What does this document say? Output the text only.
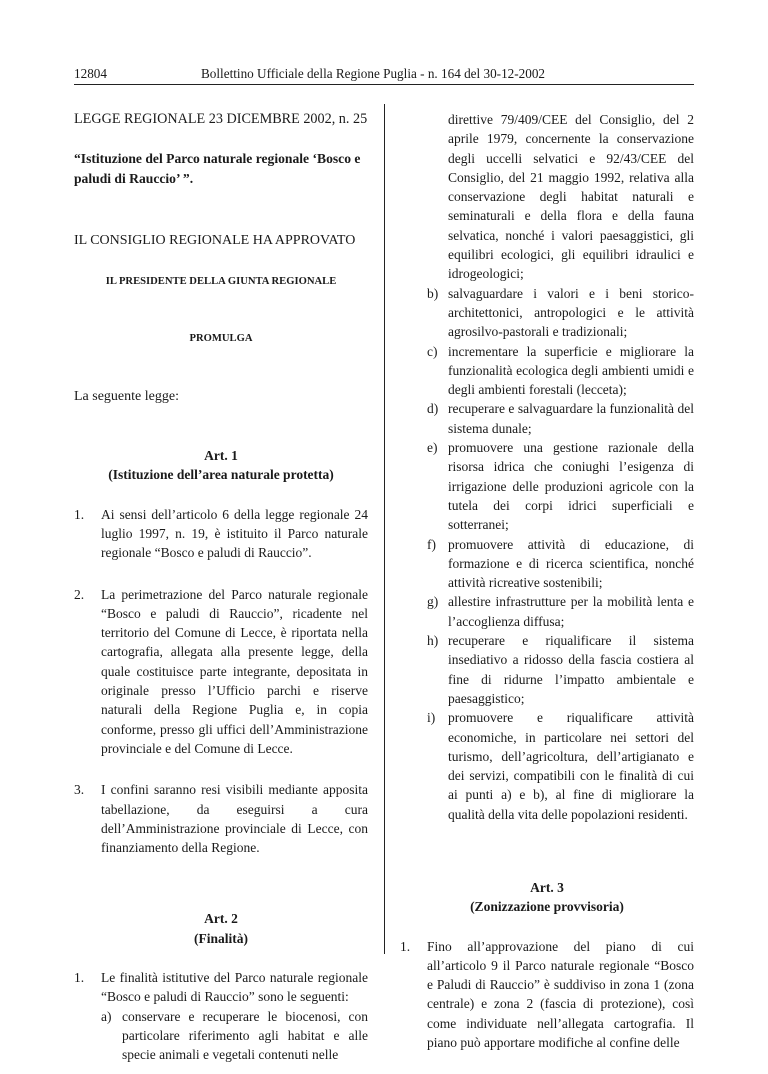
12804	Bollettino Ufficiale della Regione Puglia - n. 164 del 30-12-2002

LEGGE REGIONALE 23 DICEMBRE 2002, n. 25

“Istituzione del Parco naturale regionale ‘Bosco e paludi di Rauccio’ ”.

IL CONSIGLIO REGIONALE HA APPROVATO

IL PRESIDENTE DELLA GIUNTA REGIONALE

PROMULGA

La seguente legge:

Art. 1
(Istituzione dell’area naturale protetta)
1. Ai sensi dell’articolo 6 della legge regionale 24 luglio 1997, n. 19, è istituito il Parco naturale regionale “Bosco e paludi di Rauccio”.

2. La perimetrazione del Parco naturale regionale “Bosco e paludi di Rauccio”, ricadente nel territorio del Comune di Lecce, è riportata nella cartografia, allegata alla presente legge, della quale costituisce parte integrante, depositata in originale presso l’Ufficio parchi e riserve naturali della Regione Puglia e, in copia conforme, presso gli uffici dell’Amministrazione provinciale e del Comune di Lecce.

3. I confini saranno resi visibili mediante apposita tabellazione, da eseguirsi a cura dell’Amministrazione provinciale di Lecce, con finanziamento della Regione.

Art. 2
(Finalità)
1. Le finalità istitutive del Parco naturale regionale “Bosco e paludi di Rauccio” sono le seguenti:

a) conservare e recuperare le biocenosi, con particolare riferimento agli habitat e alle specie animali e vegetali contenuti nelle

direttive 79/409/CEE del Consiglio, del 2 aprile 1979, concernente la conservazione degli uccelli selvatici e 92/43/CEE del Consiglio, del 21 maggio 1992, relativa alla conservazione degli habitat naturali e seminaturali e della flora e della fauna selvatica, nonché i valori paesaggistici, gli equilibri ecologici, gli equilibri idraulici e idrogeologici;

b) salvaguardare i valori e i beni storico-architettonici, antropologici e le attività agrosilvo-pastorali e tradizionali;

c) incrementare la superficie e migliorare la funzionalità ecologica degli ambienti umidi e degli ambienti forestali (lecceta);

d) recuperare e salvaguardare la funzionalità del sistema dunale;

e) promuovere una gestione razionale della risorsa idrica che coniughi l’esigenza di irrigazione delle produzioni agricole con la tutela dei corpi idrici superficiali e sotterranei;

f) promuovere attività di educazione, di formazione e di ricerca scientifica, nonché attività ricreative sostenibili;

g) allestire infrastrutture per la mobilità lenta e l’accoglienza diffusa;

h) recuperare e riqualificare il sistema insediativo a ridosso della fascia costiera al fine di ridurne l’impatto ambientale e paesaggistico;

i) promuovere e riqualificare attività economiche, in particolare nei settori del turismo, dell’agricoltura, dell’artigianato e dei servizi, compatibili con le finalità di cui ai punti a) e b), al fine di migliorare la qualità della vita delle popolazioni residenti.

Art. 3
(Zonizzazione provvisoria)
1. Fino all’approvazione del piano di cui all’articolo 9 il Parco naturale regionale “Bosco e Paludi di Rauccio” è suddiviso in zona 1 (zona centrale) e zona 2 (fascia di protezione), così come individuate nell’allegata cartografia. Il piano può apportare modifiche al confine delle
